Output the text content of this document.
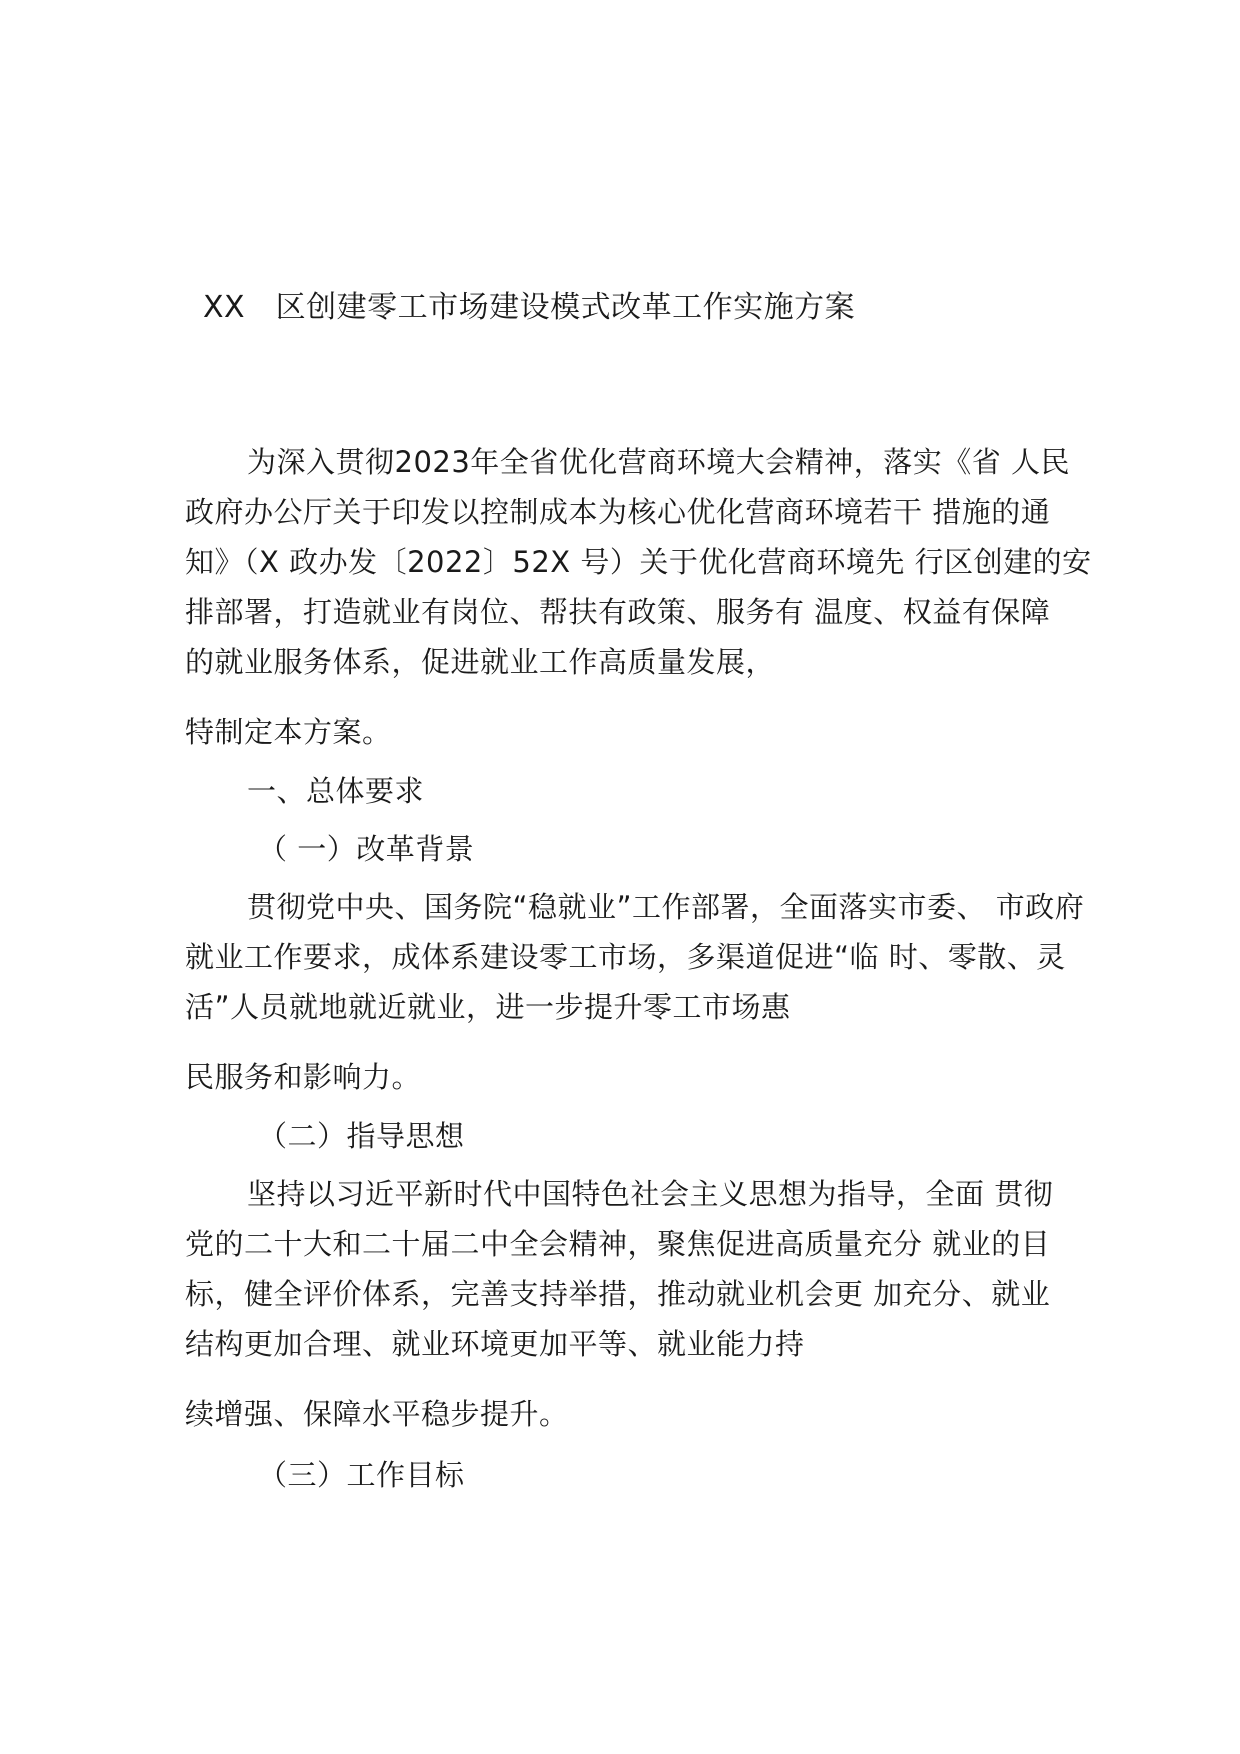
XX　区创建零工市场建设模式改革工作实施方案
为深入贯彻2023年全省优化营商环境大会精神，落实《省 人民
政府办公厅关于印发以控制成本为核心优化营商环境若干 措施的通
知》（X 政办发〔2022〕52X 号）关于优化营商环境先 行区创建的安
排部署，打造就业有岗位、帮扶有政策、服务有 温度、权益有保障
的就业服务体系，促进就业工作高质量发展，
特制定本方案。
一、总体要求
（ 一）改革背景
贯彻党中央、国务院“稳就业”工作部署，全面落实市委、 市政府
就业工作要求，成体系建设零工市场，多渠道促进“临 时、零散、灵
活”人员就地就近就业，进一步提升零工市场惠
民服务和影响力。
（二）指导思想
坚持以习近平新时代中国特色社会主义思想为指导，全面 贯彻
党的二十大和二十届二中全会精神，聚焦促进高质量充分 就业的目
标，健全评价体系，完善支持举措，推动就业机会更 加充分、就业
结构更加合理、就业环境更加平等、就业能力持
续增强、保障水平稳步提升。
（三）工作目标
